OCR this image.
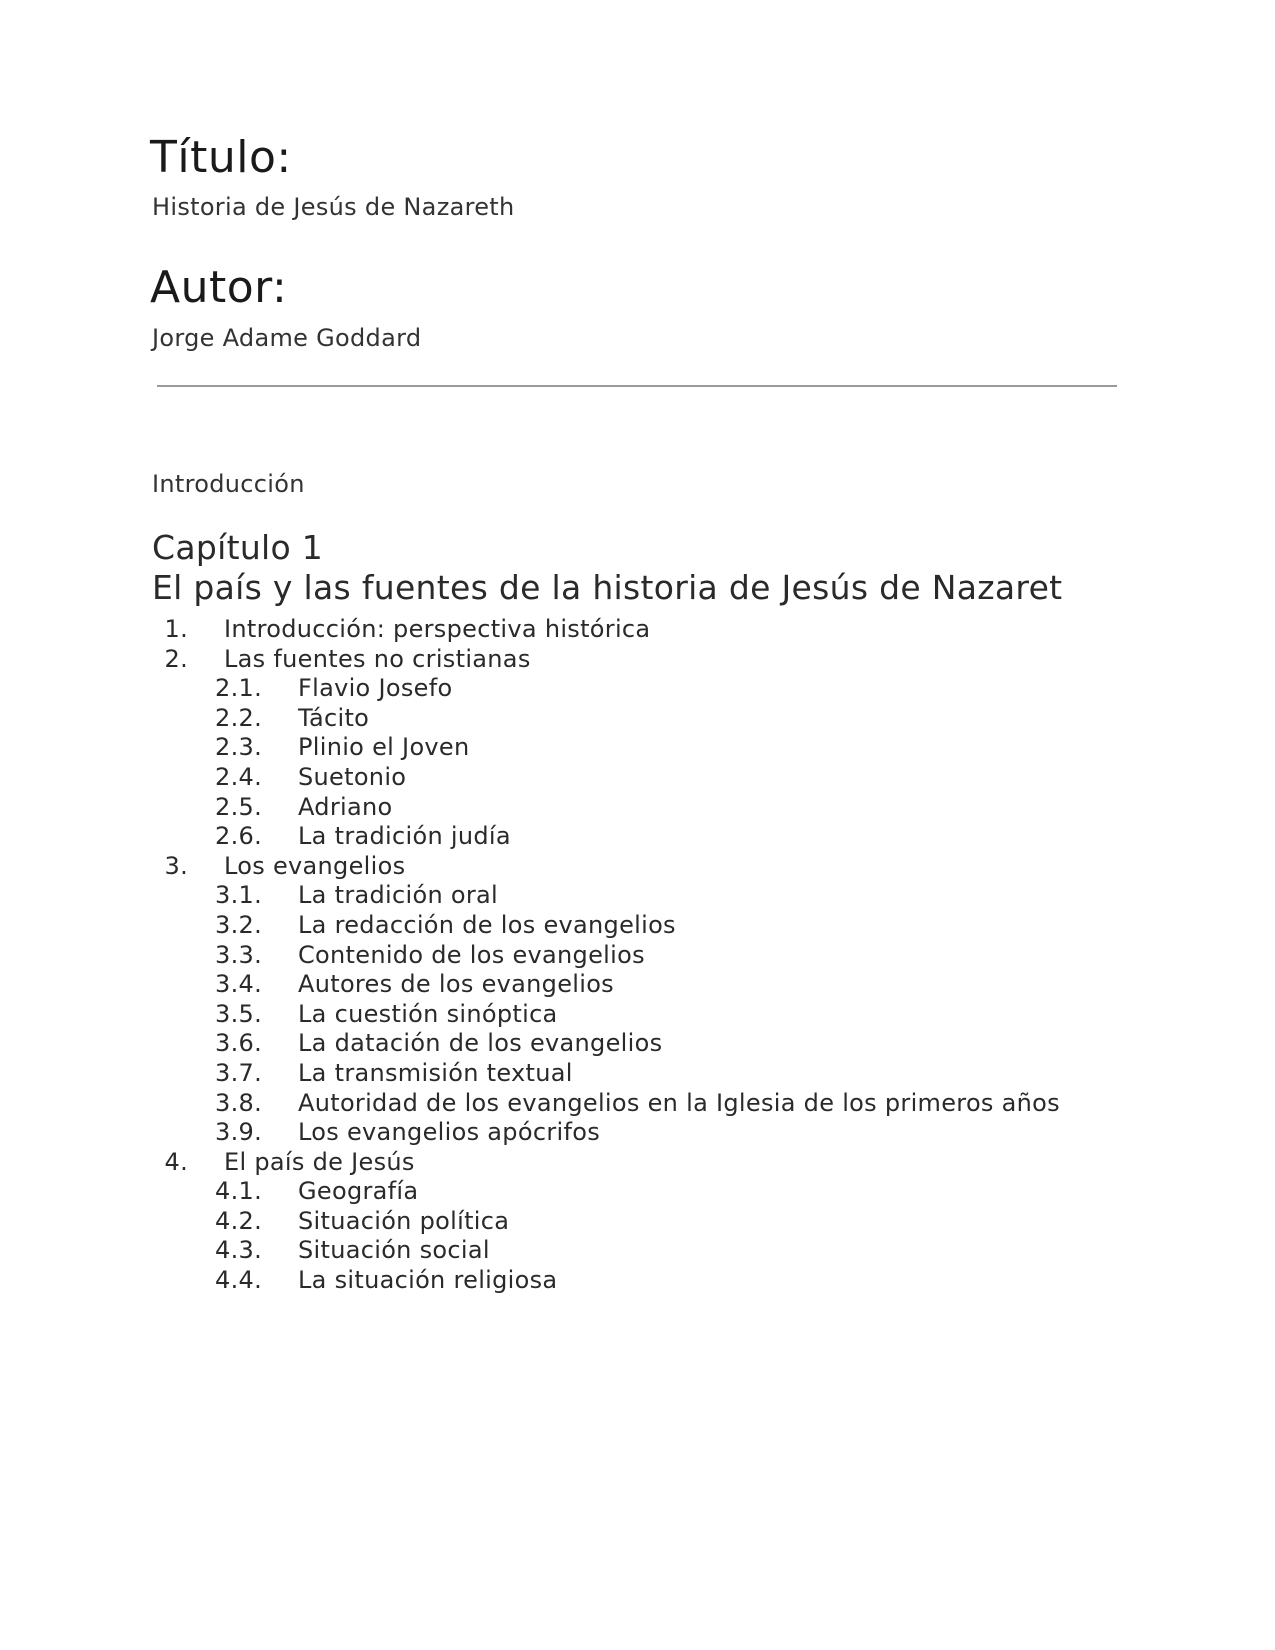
Título:
Historia de Jesús de Nazareth
Autor:
Jorge Adame Goddard
Introducción
Capítulo 1
El país y las fuentes de la historia de Jesús de Nazaret
1. Introducción: perspectiva histórica
2. Las fuentes no cristianas
2.1. Flavio Josefo
2.2. Tácito
2.3. Plinio el Joven
2.4. Suetonio
2.5. Adriano
2.6. La tradición judía
3. Los evangelios
3.1. La tradición oral
3.2. La redacción de los evangelios
3.3. Contenido de los evangelios
3.4. Autores de los evangelios
3.5. La cuestión sinóptica
3.6. La datación de los evangelios
3.7. La transmisión textual
3.8. Autoridad de los evangelios en la Iglesia de los primeros años
3.9. Los evangelios apócrifos
4. El país de Jesús
4.1. Geografía
4.2. Situación política
4.3. Situación social
4.4. La situación religiosa
